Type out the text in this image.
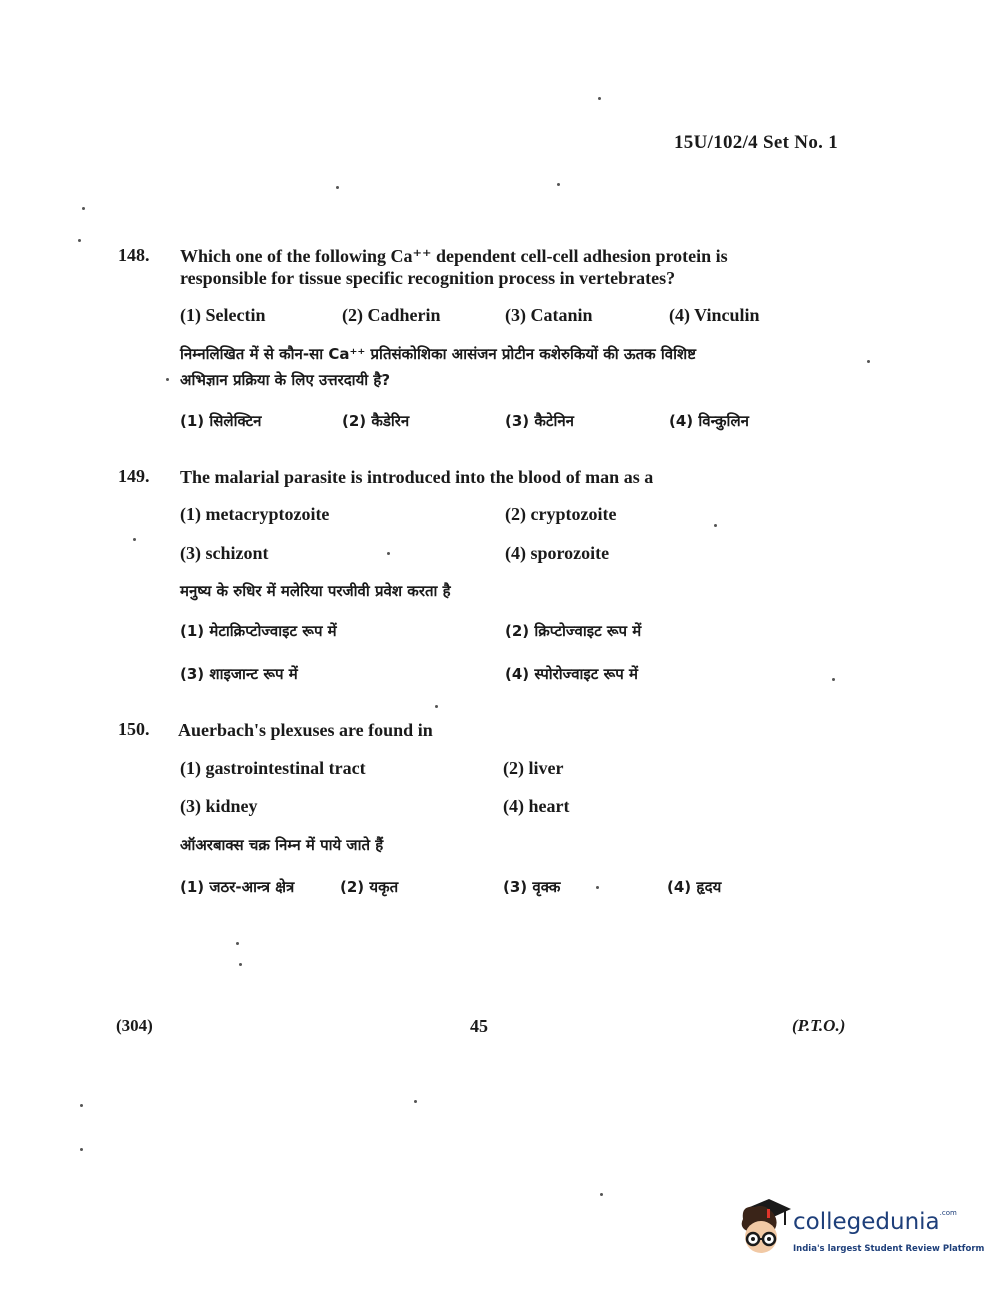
15U/102/4 Set No. 1
148. Which one of the following Ca⁺⁺ dependent cell-cell adhesion protein is
responsible for tissue specific recognition process in vertebrates?
(1) Selectin	(2) Cadherin	(3) Catanin	(4) Vinculin
निम्नलिखित में से कौन-सा Ca⁺⁺ प्रतिसंकोशिका आसंजन प्रोटीन कशेरुकियों की ऊतक विशिष्ट
अभिज्ञान प्रक्रिया के लिए उत्तरदायी है?
(1) सिलेक्टिन	(2) कैडेरिन	(3) कैटेनिन	(4) विन्कुलिन
149. The malarial parasite is introduced into the blood of man as a
(1) metacryptozoite	(2) cryptozoite
(3) schizont	(4) sporozoite
मनुष्य के रुधिर में मलेरिया परजीवी प्रवेश करता है
(1) मेटाक्रिप्टोज्वाइट रूप में	(2) क्रिप्टोज्वाइट रूप में
(3) शाइजान्ट रूप में	(4) स्पोरोज्वाइट रूप में
150. Auerbach's plexuses are found in
(1) gastrointestinal tract	(2) liver
(3) kidney	(4) heart
ऑअरबाक्स चक्र निम्न में पाये जाते हैं
(1) जठर-आन्त्र क्षेत्र	(2) यकृत	(3) वृक्क	(4) हृदय
(304)	45	(P.T.O.)
collegedunia$^{.com}$
India's largest Student Review Platform
